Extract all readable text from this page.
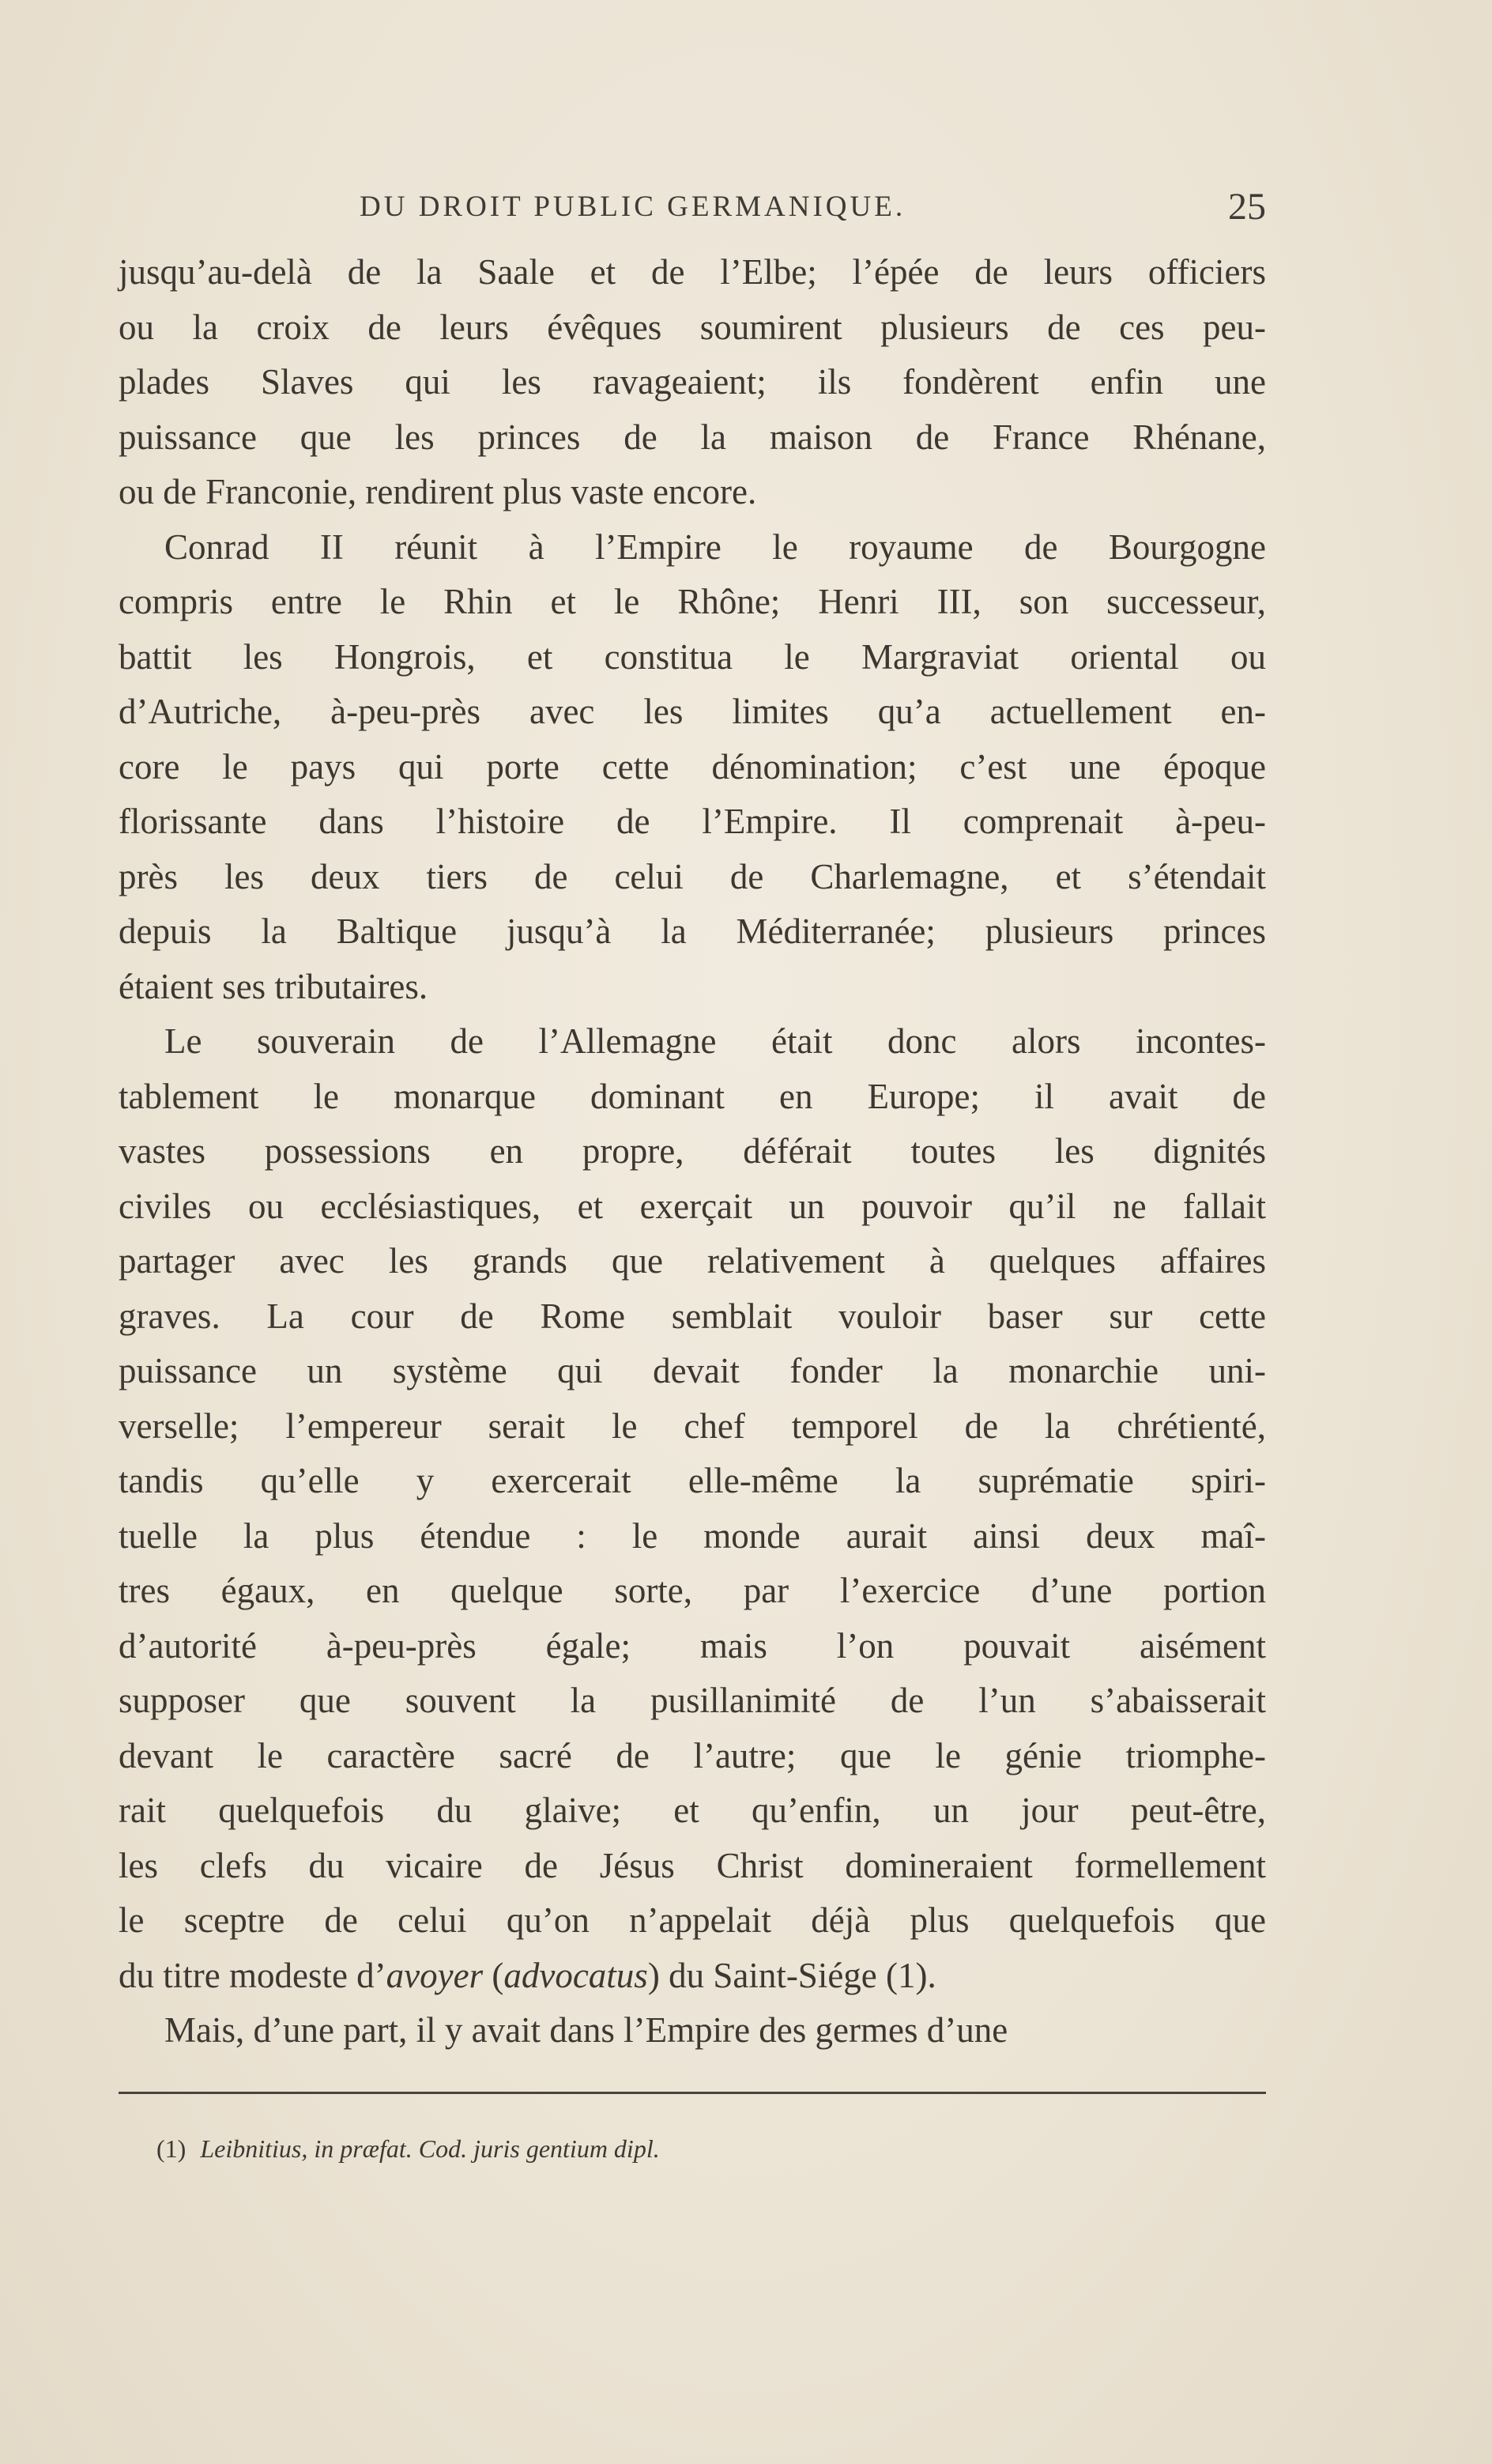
DU DROIT PUBLIC GERMANIQUE.	25
jusqu’au-delà de la Saale et de l’Elbe; l’épée de leurs officiers
ou la croix de leurs évêques soumirent plusieurs de ces peu-
plades Slaves qui les ravageaient; ils fondèrent enfin une
puissance que les princes de la maison de France Rhénane,
ou de Franconie, rendirent plus vaste encore.
Conrad II réunit à l’Empire le royaume de Bourgogne
compris entre le Rhin et le Rhône; Henri III, son successeur,
battit les Hongrois, et constitua le Margraviat oriental ou
d’Autriche, à-peu-près avec les limites qu’a actuellement en-
core le pays qui porte cette dénomination; c’est une époque
florissante dans l’histoire de l’Empire. Il comprenait à-peu-
près les deux tiers de celui de Charlemagne, et s’étendait
depuis la Baltique jusqu’à la Méditerranée; plusieurs princes
étaient ses tributaires.
Le souverain de l’Allemagne était donc alors incontes-
tablement le monarque dominant en Europe; il avait de
vastes possessions en propre, déférait toutes les dignités
civiles ou ecclésiastiques, et exerçait un pouvoir qu’il ne fallait
partager avec les grands que relativement à quelques affaires
graves. La cour de Rome semblait vouloir baser sur cette
puissance un système qui devait fonder la monarchie uni-
verselle; l’empereur serait le chef temporel de la chrétienté,
tandis qu’elle y exercerait elle-même la suprématie spiri-
tuelle la plus étendue : le monde aurait ainsi deux maî-
tres égaux, en quelque sorte, par l’exercice d’une portion
d’autorité à-peu-près égale; mais l’on pouvait aisément
supposer que souvent la pusillanimité de l’un s’abaisserait
devant le caractère sacré de l’autre; que le génie triomphe-
rait quelquefois du glaive; et qu’enfin, un jour peut-être,
les clefs du vicaire de Jésus Christ domineraient formellement
le sceptre de celui qu’on n’appelait déjà plus quelquefois que
du titre modeste d’avoyer (advocatus) du Saint-Siége (1).
Mais, d’une part, il y avait dans l’Empire des germes d’une
(1) Leibnitius, in præfat. Cod. juris gentium dipl.
